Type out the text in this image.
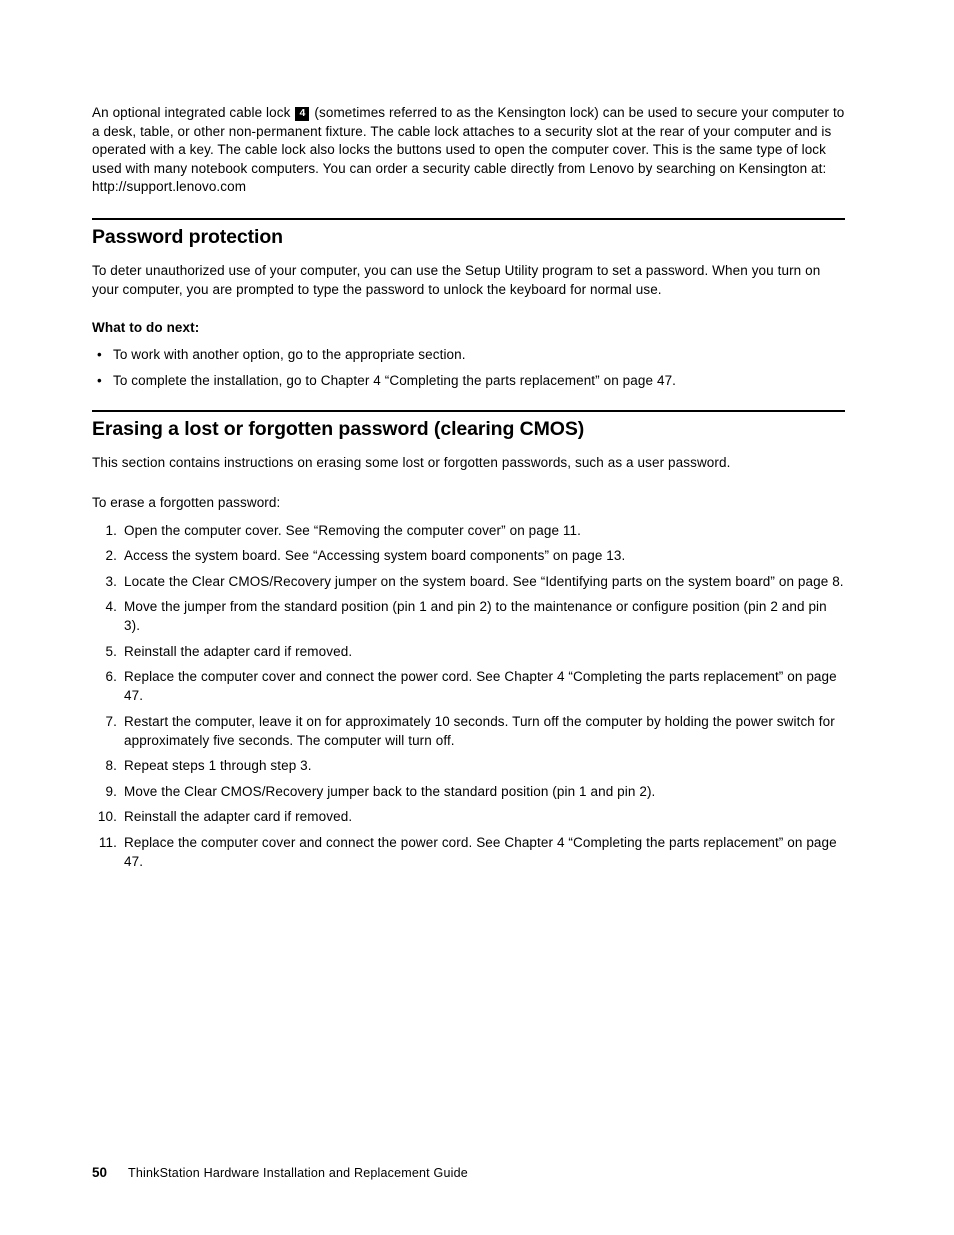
An optional integrated cable lock 4 (sometimes referred to as the Kensington lock) can be used to secure your computer to a desk, table, or other non-permanent fixture. The cable lock attaches to a security slot at the rear of your computer and is operated with a key. The cable lock also locks the buttons used to open the computer cover. This is the same type of lock used with many notebook computers. You can order a security cable directly from Lenovo by searching on Kensington at:
http://support.lenovo.com

Password protection

To deter unauthorized use of your computer, you can use the Setup Utility program to set a password. When you turn on your computer, you are prompted to type the password to unlock the keyboard for normal use.

What to do next:

• To work with another option, go to the appropriate section.
• To complete the installation, go to Chapter 4 “Completing the parts replacement” on page 47.
Erasing a lost or forgotten password (clearing CMOS)

This section contains instructions on erasing some lost or forgotten passwords, such as a user password.

To erase a forgotten password:

1. Open the computer cover. See “Removing the computer cover” on page 11.
2. Access the system board. See “Accessing system board components” on page 13.
3. Locate the Clear CMOS/Recovery jumper on the system board. See “Identifying parts on the system board” on page 8.
4. Move the jumper from the standard position (pin 1 and pin 2) to the maintenance or configure position (pin 2 and pin 3).
5. Reinstall the adapter card if removed.
6. Replace the computer cover and connect the power cord. See Chapter 4 “Completing the parts replacement” on page 47.
7. Restart the computer, leave it on for approximately 10 seconds. Turn off the computer by holding the power switch for approximately five seconds. The computer will turn off.
8. Repeat steps 1 through step 3.
9. Move the Clear CMOS/Recovery jumper back to the standard position (pin 1 and pin 2).
10. Reinstall the adapter card if removed.
11. Replace the computer cover and connect the power cord. See Chapter 4 “Completing the parts replacement” on page 47.
50 ThinkStation Hardware Installation and Replacement Guide
